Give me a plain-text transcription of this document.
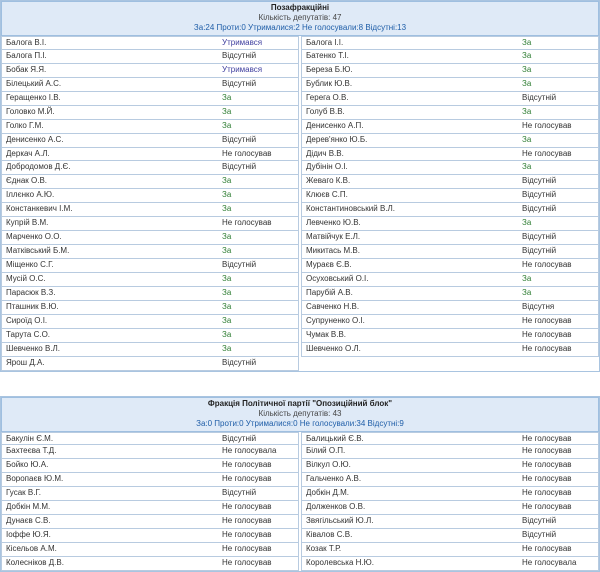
Позафракційні
Кількість депутатів: 47
За:24 Проти:0 Утрималися:2 Не голосували:8 Відсутні:13
Балога В.І.	Утримався
Балога П.І.	Відсутній
Бобак Я.Я.	Утримався
Білецький А.С.	Відсутній
Геращенко І.В.	За
Головко М.Й.	За
Голко Г.М.	За
Денисенко А.С.	Відсутній
Деркач А.Л.	Не голосував
Добродомов Д.Є.	Відсутній
Єднак О.В.	За
Іллєнко А.Ю.	За
Констанкевич І.М.	За
Купрій В.М.	Не голосував
Марченко О.О.	За
Матківський Б.М.	За
Міщенко С.Г.	Відсутній
Мусій О.С.	За
Парасюк В.З.	За
Пташник В.Ю.	За
Сироїд О.І.	За
Тарута С.О.	За
Шевченко В.Л.	За
Ярош Д.А.	Відсутній
Балога І.І.	За
Батенко Т.І.	За
Береза Б.Ю.	За
Бублик Ю.В.	За
Герега О.В.	Відсутній
Голуб В.В.	За
Денисенко А.П.	Не голосував
Дерев'янко Ю.Б.	За
Дідич В.В.	Не голосував
Дубінін О.І.	За
Жеваго К.В.	Відсутній
Клюєв С.П.	Відсутній
Константиновський В.Л.	Відсутній
Левченко Ю.В.	За
Матвійчук Е.Л.	Відсутній
Микитась М.В.	Відсутній
Мураєв Є.В.	Не голосував
Осуховський О.І.	За
Парубій А.В.	За
Савченко Н.В.	Відсутня
Супруненко О.І.	Не голосував
Чумак В.В.	Не голосував
Шевченко О.Л.	Не голосував
Фракція Політичної партії "Опозиційний блок"
Кількість депутатів: 43
За:0 Проти:0 Утрималися:0 Не голосували:34 Відсутні:9
Бакулін Є.М.	Відсутній
Бахтеєва Т.Д.	Не голосувала
Бойко Ю.А.	Не голосував
Воропаєв Ю.М.	Не голосував
Гусак В.Г.	Відсутній
Добкін М.М.	Не голосував
Дунаєв С.В.	Не голосував
Іоффе Ю.Я.	Не голосував
Кісельов А.М.	Не голосував
Колесніков Д.В.	Не голосував
Балицький Є.В.	Не голосував
Білий О.П.	Не голосував
Вілкул О.Ю.	Не голосував
Гальченко А.В.	Не голосував
Добкін Д.М.	Не голосував
Долженков О.В.	Не голосував
Звягільський Ю.Л.	Відсутній
Ківалов С.В.	Відсутній
Козак Т.Р.	Не голосував
Королевська Н.Ю.	Не голосувала
